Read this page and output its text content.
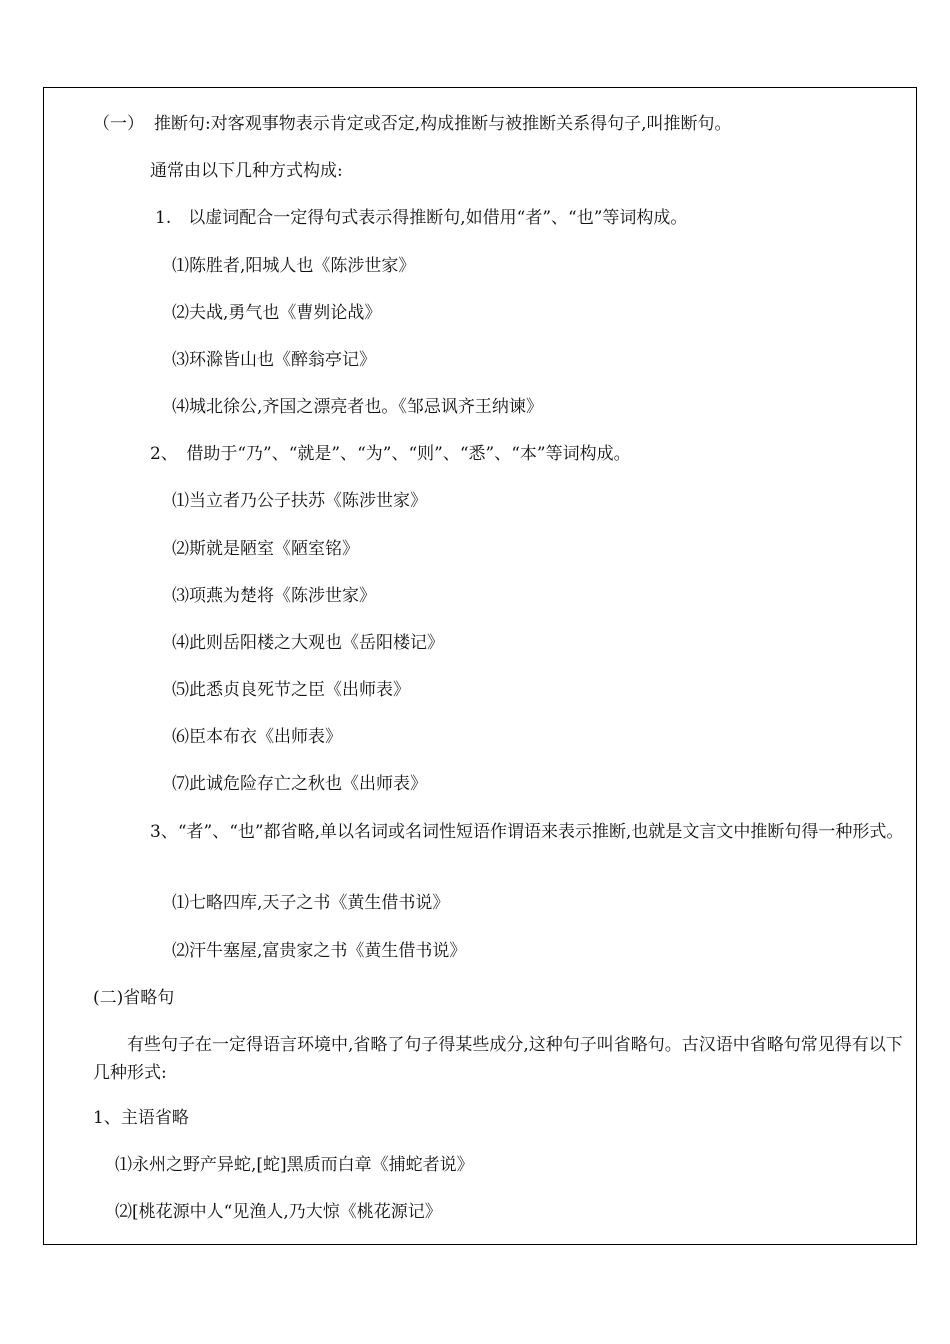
（一） 推断句:对客观事物表示肯定或否定,构成推断与被推断关系得句子,叫推断句。
通常由以下几种方式构成:
1.　以虚词配合一定得句式表示得推断句,如借用“者”、“也”等词构成。
⑴陈胜者,阳城人也《陈涉世家》
⑵夫战,勇气也《曹刿论战》
⑶环滁皆山也《醉翁亭记》
⑷城北徐公,齐国之漂亮者也。《邹忌讽齐王纳谏》
2、　借助于“乃”、“就是”、“为”、“则”、“悉”、“本”等词构成。
⑴当立者乃公子扶苏《陈涉世家》
⑵斯就是陋室《陋室铭》
⑶项燕为楚将《陈涉世家》
⑷此则岳阳楼之大观也《岳阳楼记》
⑸此悉贞良死节之臣《出师表》
⑹臣本布衣《出师表》
⑺此诚危险存亡之秋也《出师表》
3、“者”、“也”都省略,单以名词或名词性短语作谓语来表示推断,也就是文言文中推断句得一种形式。
⑴七略四库,天子之书《黄生借书说》
⑵汗牛塞屋,富贵家之书《黄生借书说》
(二)省略句
有些句子在一定得语言环境中,省略了句子得某些成分,这种句子叫省略句。古汉语中省略句常见得有以下几种形式:
1、主语省略
⑴永州之野产异蛇,[蛇]黑质而白章《捕蛇者说》
⑵[桃花源中人“见渔人,乃大惊《桃花源记》
